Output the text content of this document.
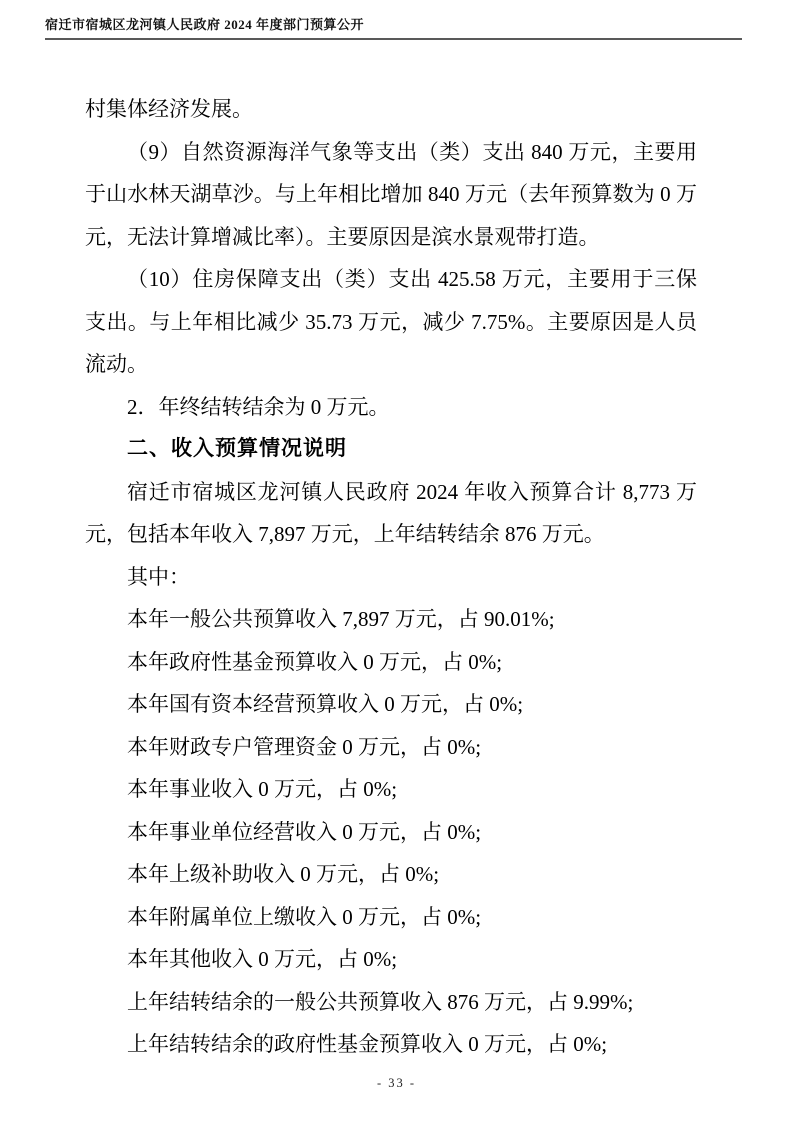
宿迁市宿城区龙河镇人民政府 2024 年度部门预算公开

村集体经济发展。

（9）自然资源海洋气象等支出（类）支出 840 万元，主要用于山水林天湖草沙。与上年相比增加 840 万元（去年预算数为 0 万元，无法计算增减比率）。主要原因是滨水景观带打造。

（10）住房保障支出（类）支出 425.58 万元，主要用于三保支出。与上年相比减少 35.73 万元，减少 7.75%。主要原因是人员流动。

2．年终结转结余为 0 万元。

二、收入预算情况说明

宿迁市宿城区龙河镇人民政府 2024 年收入预算合计 8,773 万元，包括本年收入 7,897 万元，上年结转结余 876 万元。

其中：

本年一般公共预算收入 7,897 万元，占 90.01%;

本年政府性基金预算收入 0 万元，占 0%;

本年国有资本经营预算收入 0 万元，占 0%;

本年财政专户管理资金 0 万元，占 0%;

本年事业收入 0 万元，占 0%;

本年事业单位经营收入 0 万元，占 0%;

本年上级补助收入 0 万元，占 0%;

本年附属单位上缴收入 0 万元，占 0%;

本年其他收入 0 万元，占 0%;

上年结转结余的一般公共预算收入 876 万元，占 9.99%;

上年结转结余的政府性基金预算收入 0 万元，占 0%;

- 33 -
